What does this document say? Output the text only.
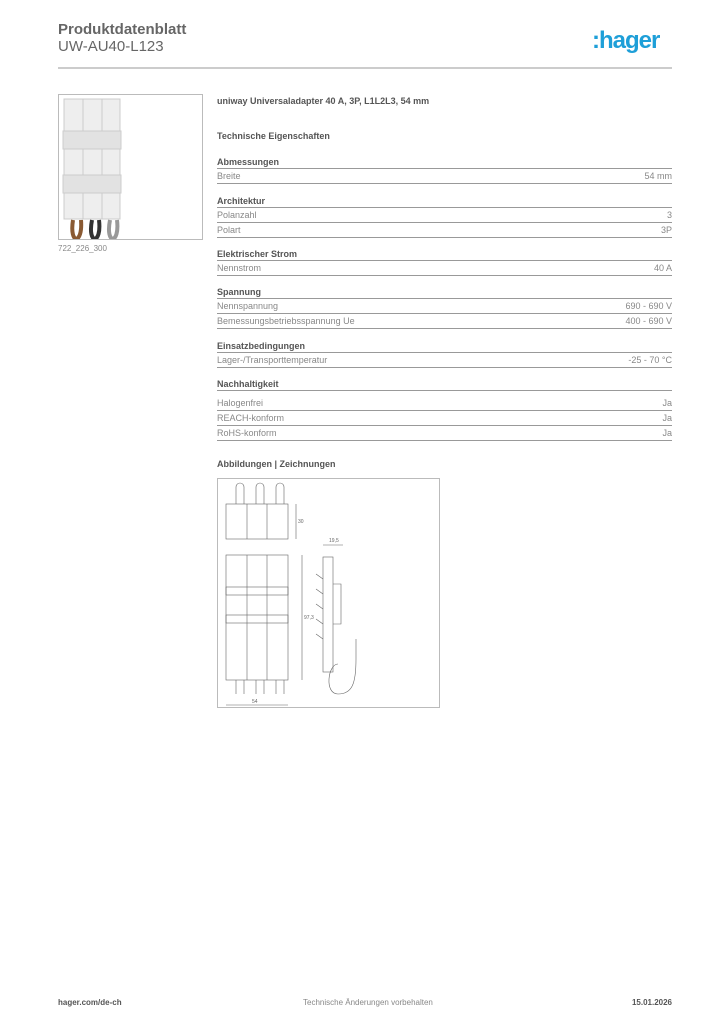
Produktdatenblatt
UW-AU40-L123	:hager
722_226_300
uniway Universaladapter 40 A, 3P, L1L2L3, 54 mm
Technische Eigenschaften
Abmessungen
Breite	54 mm
Architektur
Polanzahl	3
Polart	3P
Elektrischer Strom
Nennstrom	40 A
Spannung
Nennspannung	690 - 690 V
Bemessungsbetriebsspannung Ue	400 - 690 V
Einsatzbedingungen
Lager-/Transporttemperatur	-25 - 70 °C
Nachhaltigkeit
Halogenfrei	Ja
REACH-konform	Ja
RoHS-konform	Ja
Abbildungen | Zeichnungen
30
97,3
54
19,5
hager.com/de-ch	Technische Änderungen vorbehalten	15.01.2026
